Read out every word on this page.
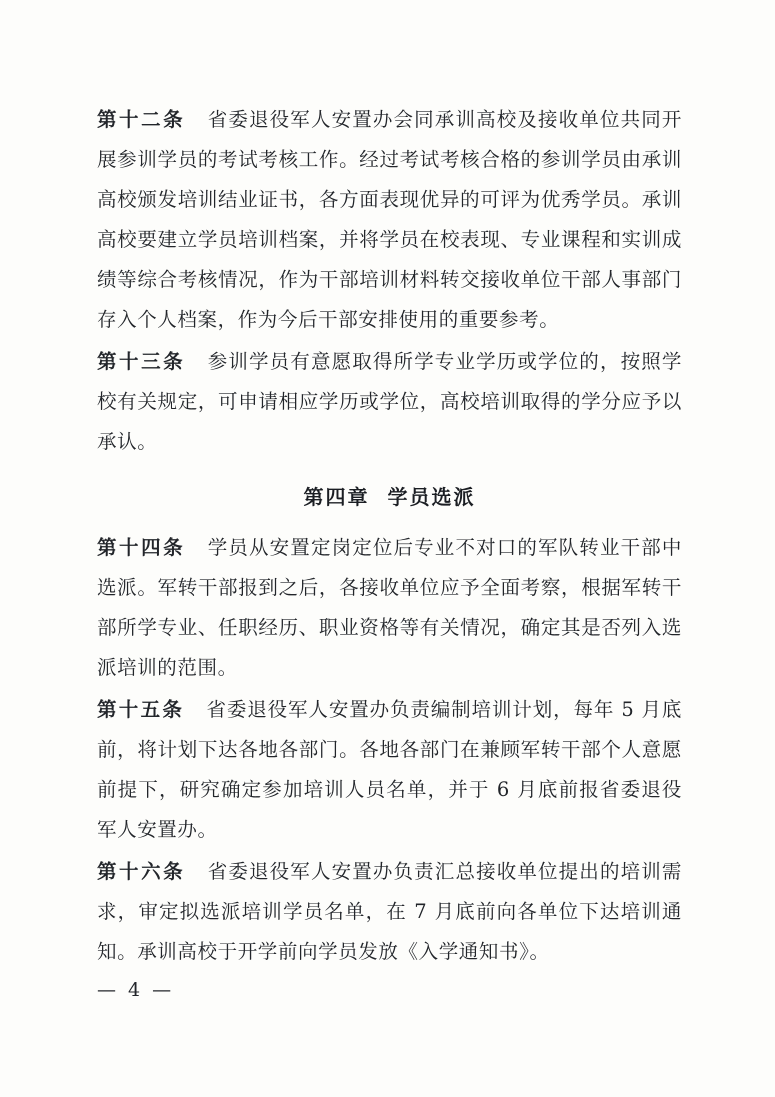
第十二条 省委退役军人安置办会同承训高校及接收单位共同开展参训学员的考试考核工作。经过考试考核合格的参训学员由承训高校颁发培训结业证书，各方面表现优异的可评为优秀学员。承训高校要建立学员培训档案，并将学员在校表现、专业课程和实训成绩等综合考核情况，作为干部培训材料转交接收单位干部人事部门存入个人档案，作为今后干部安排使用的重要参考。

第十三条 参训学员有意愿取得所学专业学历或学位的，按照学校有关规定，可申请相应学历或学位，高校培训取得的学分应予以承认。

第四章 学员选派

第十四条 学员从安置定岗定位后专业不对口的军队转业干部中选派。军转干部报到之后，各接收单位应予全面考察，根据军转干部所学专业、任职经历、职业资格等有关情况，确定其是否列入选派培训的范围。

第十五条 省委退役军人安置办负责编制培训计划，每年 5 月底前，将计划下达各地各部门。各地各部门在兼顾军转干部个人意愿前提下，研究确定参加培训人员名单，并于 6 月底前报省委退役军人安置办。

第十六条 省委退役军人安置办负责汇总接收单位提出的培训需求，审定拟选派培训学员名单，在 7 月底前向各单位下达培训通知。承训高校于开学前向学员发放《入学通知书》。

— 4 —
